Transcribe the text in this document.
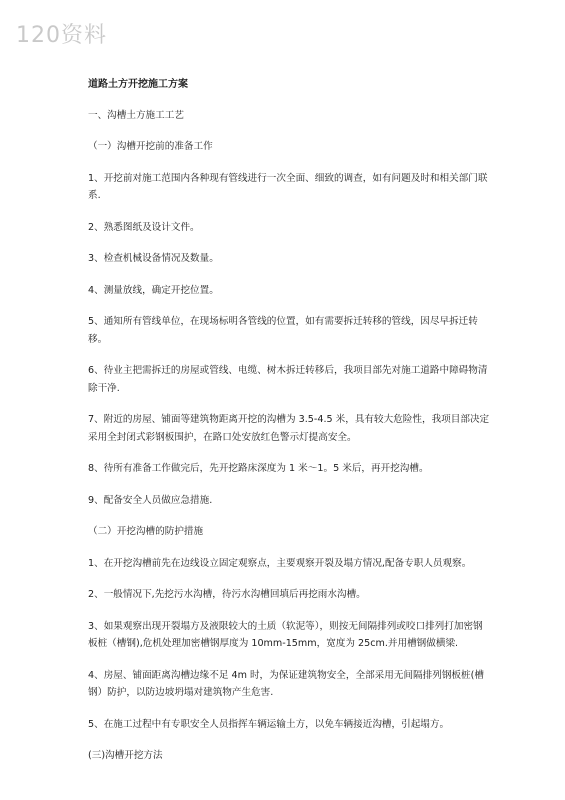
120资料

道路土方开挖施工方案

一、沟槽土方施工工艺

（一）沟槽开挖前的准备工作

1、开挖前对施工范围内各种现有管线进行一次全面、细致的调查，如有问题及时和相关部门联系.

2、熟悉图纸及设计文件。

3、检查机械设备情况及数量。

4、测量放线，确定开挖位置。

5、通知所有管线单位，在现场标明各管线的位置，如有需要拆迁转移的管线，因尽早拆迁转移。

6、待业主把需拆迁的房屋或管线、电缆、树木拆迁转移后，我项目部先对施工道路中障碍物清除干净.

7、附近的房屋、铺面等建筑物距离开挖的沟槽为 3.5-4.5 米，具有较大危险性，我项目部决定采用全封闭式彩钢板围护，在路口处安放红色警示灯提高安全。

8、待所有准备工作做完后，先开挖路床深度为 1 米～1。5 米后，再开挖沟槽。

9、配备安全人员做应急措施.

（二）开挖沟槽的防护措施

1、在开挖沟槽前先在边线设立固定观察点，主要观察开裂及塌方情况,配备专职人员观察。

2、一般情况下,先挖污水沟槽，待污水沟槽回填后再挖雨水沟槽。

3、如果观察出现开裂塌方及液限较大的土质（软泥等），则按无间隔排列或咬口排列打加密钢板桩（槽钢),危机处理加密槽钢厚度为 10mm-15mm，宽度为 25cm.并用槽钢做横梁.

4、房屋、铺面距离沟槽边缘不足 4m 时，为保证建筑物安全，全部采用无间隔排列钢板桩(槽钢）防护，以防边坡坍塌对建筑物产生危害.

5、在施工过程中有专职安全人员指挥车辆运输土方，以免车辆接近沟槽，引起塌方。

(三)沟槽开挖方法
